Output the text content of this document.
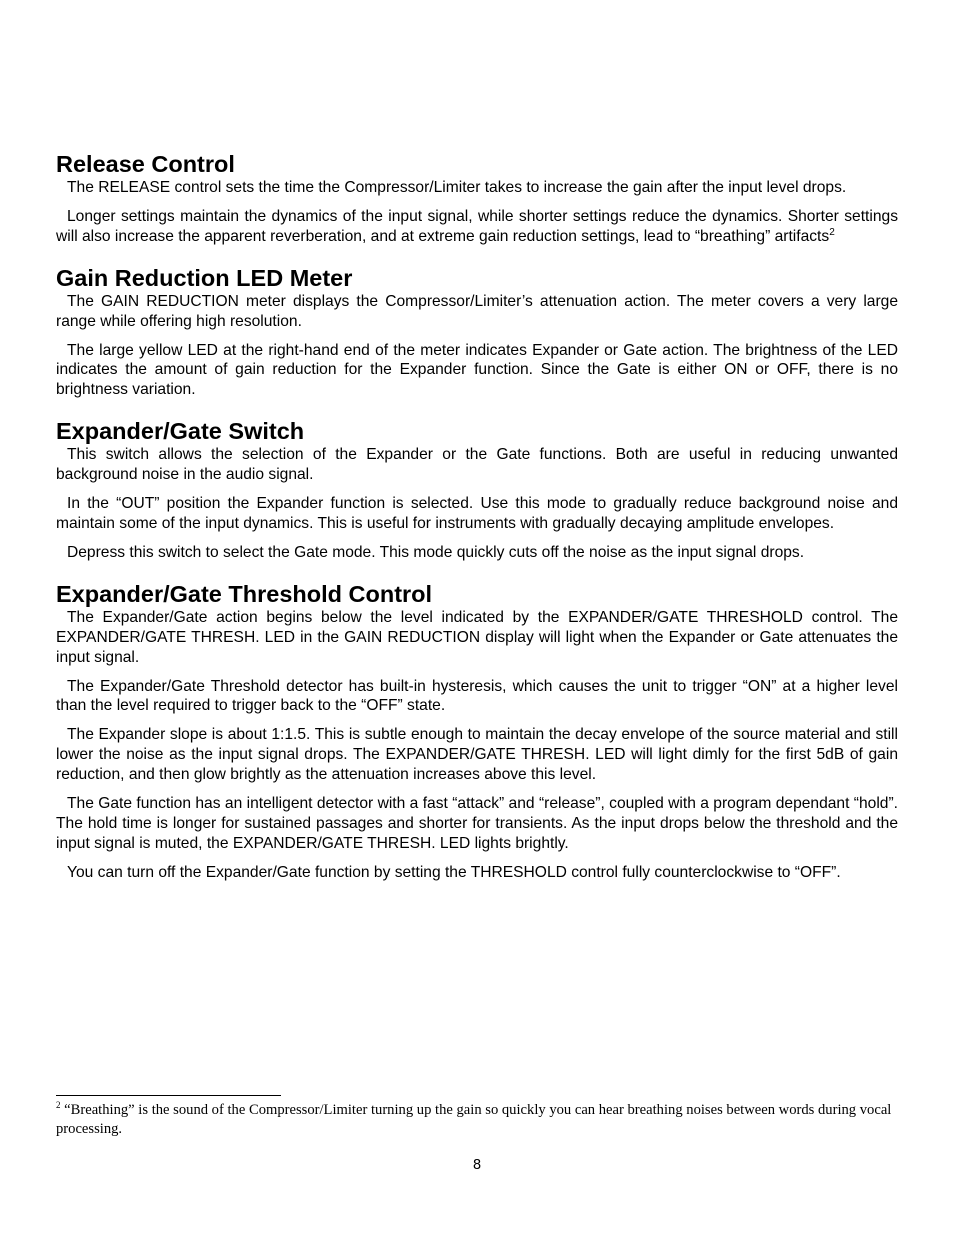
Release Control

The RELEASE control sets the time the Compressor/Limiter takes to increase the gain after the input level drops.

Longer settings maintain the dynamics of the input signal, while shorter settings reduce the dynamics. Shorter settings will also increase the apparent reverberation, and at extreme gain reduction settings, lead to “breathing” artifacts$^2$

Gain Reduction LED Meter

The GAIN REDUCTION meter displays the Compressor/Limiter’s attenuation action. The meter covers a very large range while offering high resolution.

The large yellow LED at the right-hand end of the meter indicates Expander or Gate action. The brightness of the LED indicates the amount of gain reduction for the Expander function. Since the Gate is either ON or OFF, there is no brightness variation.

Expander/Gate Switch

This switch allows the selection of the Expander or the Gate functions. Both are useful in reducing unwanted background noise in the audio signal.

In the “OUT” position the Expander function is selected. Use this mode to gradually reduce background noise and maintain some of the input dynamics. This is useful for instruments with gradually decaying amplitude envelopes.

Depress this switch to select the Gate mode. This mode quickly cuts off the noise as the input signal drops.

Expander/Gate Threshold Control

The Expander/Gate action begins below the level indicated by the EXPANDER/GATE THRESHOLD control. The EXPANDER/GATE THRESH. LED in the GAIN REDUCTION display will light when the Expander or Gate attenuates the input signal.

The Expander/Gate Threshold detector has built-in hysteresis, which causes the unit to trigger “ON” at a higher level than the level required to trigger back to the “OFF” state.

The Expander slope is about 1:1.5. This is subtle enough to maintain the decay envelope of the source material and still lower the noise as the input signal drops. The EXPANDER/GATE THRESH. LED will light dimly for the first 5dB of gain reduction, and then glow brightly as the attenuation increases above this level.

The Gate function has an intelligent detector with a fast “attack” and “release”, coupled with a program dependant “hold”. The hold time is longer for sustained passages and shorter for transients. As the input drops below the threshold and the input signal is muted, the EXPANDER/GATE THRESH. LED lights brightly.

You can turn off the Expander/Gate function by setting the THRESHOLD control fully counterclockwise to “OFF”.

$^2$ “Breathing” is the sound of the Compressor/Limiter turning up the gain so quickly you can hear breathing noises between words during vocal processing.

8
